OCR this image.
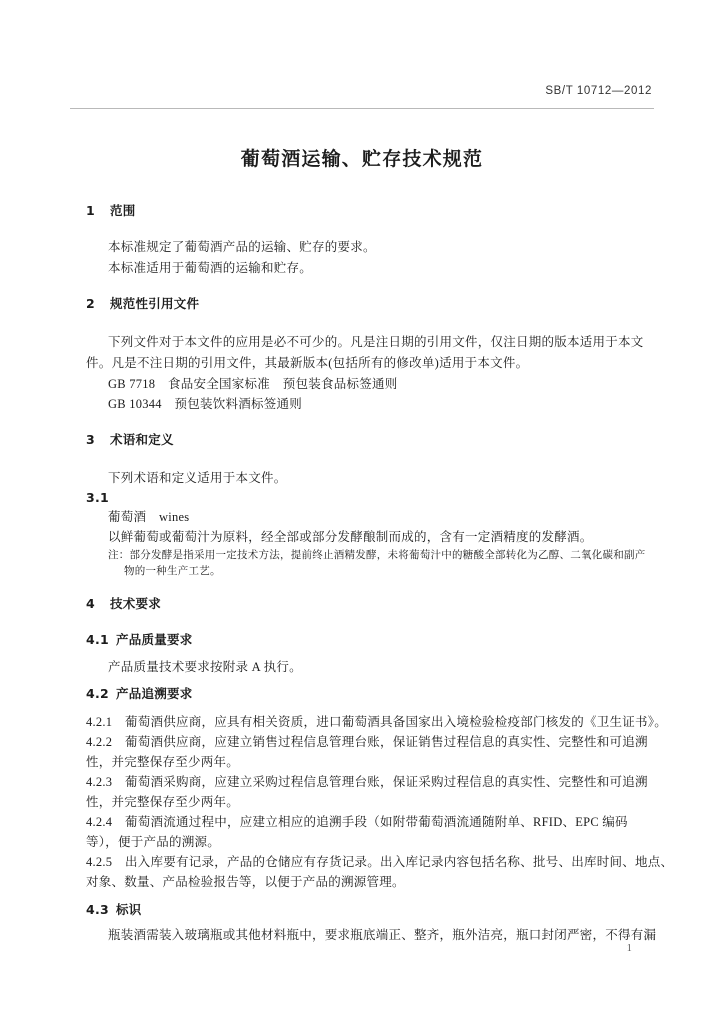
SB/T 10712—2012
葡萄酒运输、贮存技术规范
1 范围
本标准规定了葡萄酒产品的运输、贮存的要求。
本标准适用于葡萄酒的运输和贮存。
2 规范性引用文件
下列文件对于本文件的应用是必不可少的。凡是注日期的引用文件，仅注日期的版本适用于本文
件。凡是不注日期的引用文件，其最新版本(包括所有的修改单)适用于本文件。
GB 7718　食品安全国家标准　预包装食品标签通则
GB 10344　预包装饮料酒标签通则
3 术语和定义
下列术语和定义适用于本文件。
3.1
葡萄酒　wines
以鲜葡萄或葡萄汁为原料，经全部或部分发酵酿制而成的，含有一定酒精度的发酵酒。
注：部分发酵是指采用一定技术方法，提前终止酒精发酵，未将葡萄汁中的糖酸全部转化为乙醇、二氧化碳和副产
物的一种生产工艺。
4 技术要求
4.1 产品质量要求
产品质量技术要求按附录 A 执行。
4.2 产品追溯要求
4.2.1　葡萄酒供应商，应具有相关资质，进口葡萄酒具备国家出入境检验检疫部门核发的《卫生证书》。
4.2.2　葡萄酒供应商，应建立销售过程信息管理台账，保证销售过程信息的真实性、完整性和可追溯
性，并完整保存至少两年。
4.2.3　葡萄酒采购商，应建立采购过程信息管理台账，保证采购过程信息的真实性、完整性和可追溯
性，并完整保存至少两年。
4.2.4　葡萄酒流通过程中，应建立相应的追溯手段（如附带葡萄酒流通随附单、RFID、EPC 编码
等），便于产品的溯源。
4.2.5　出入库要有记录，产品的仓储应有存货记录。出入库记录内容包括名称、批号、出库时间、地点、
对象、数量、产品检验报告等，以便于产品的溯源管理。
4.3 标识
瓶装酒需装入玻璃瓶或其他材料瓶中，要求瓶底端正、整齐，瓶外洁亮，瓶口封闭严密，不得有漏
1
